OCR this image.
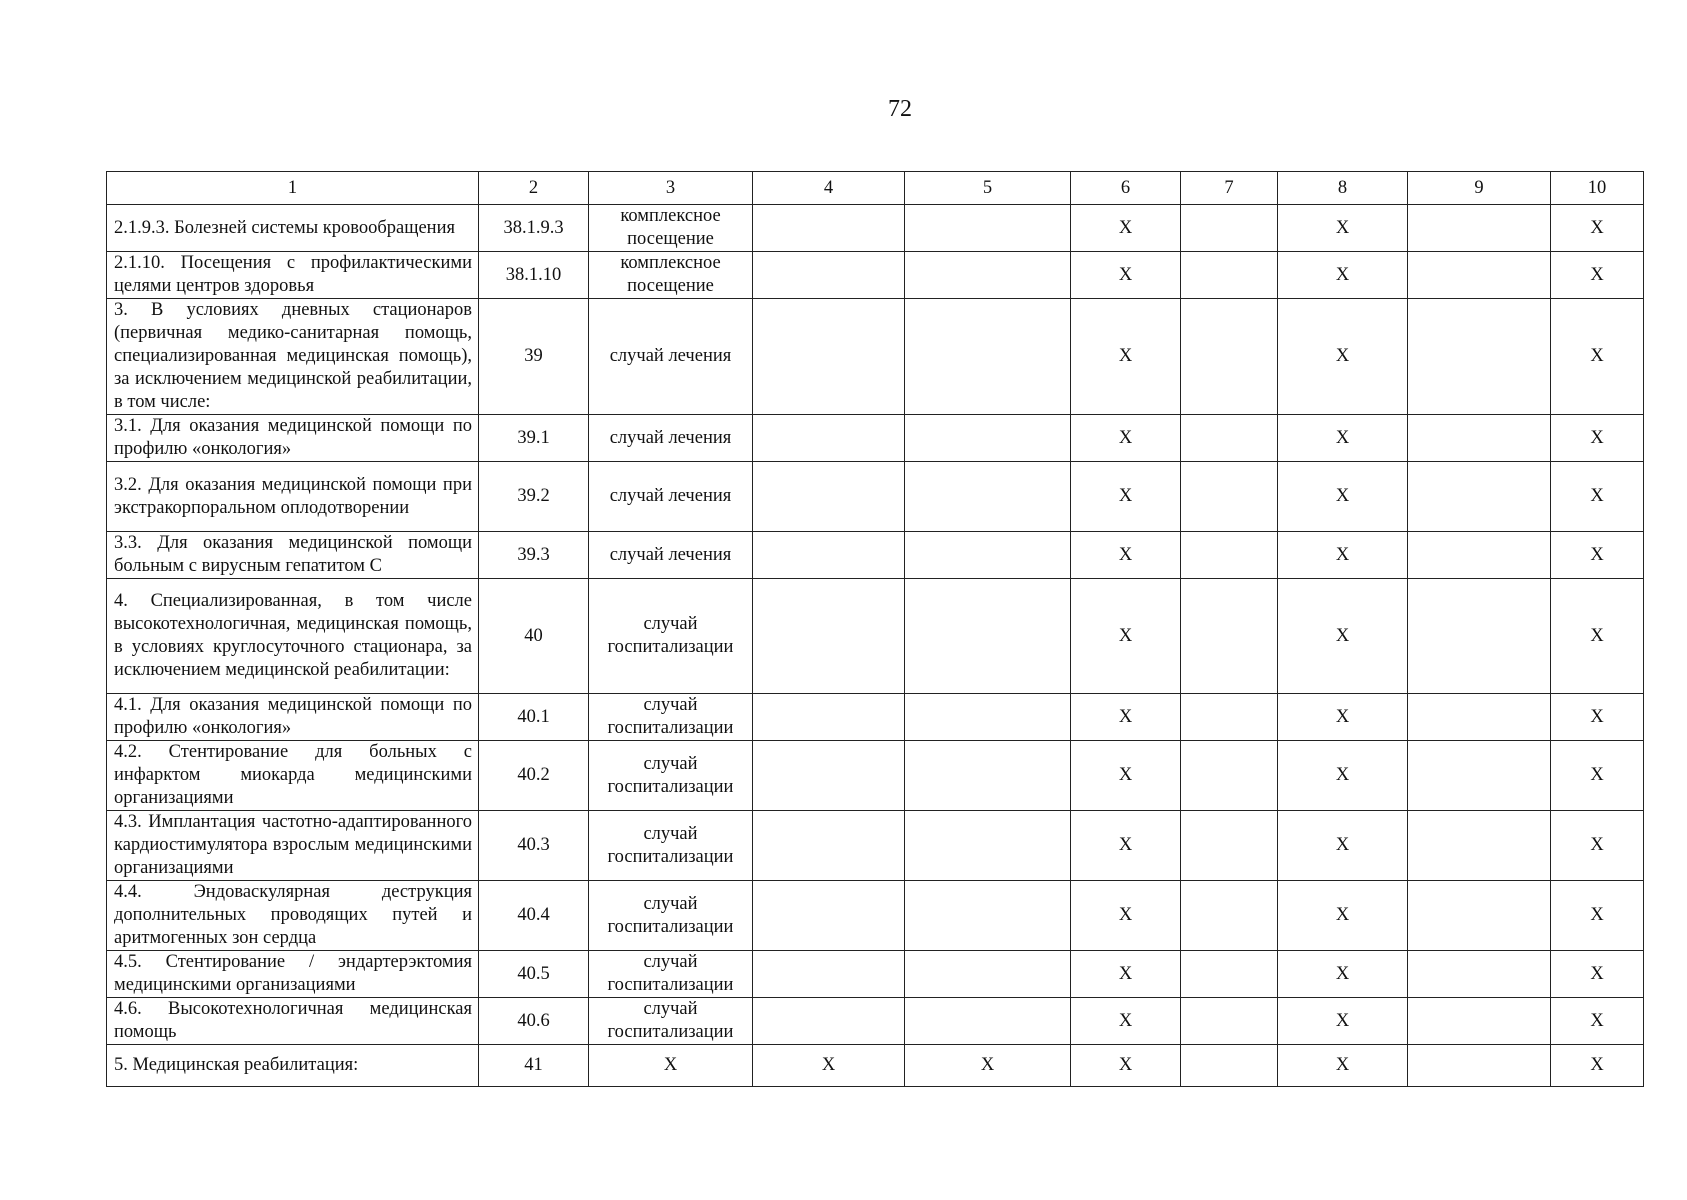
72
1	2	3	4	5	6	7	8	9	10
2.1.9.3. Болезней системы кровообращения	38.1.9.3	комплексное посещение			X		X		X
2.1.10. Посещения с профилактическими целями центров здоровья	38.1.10	комплексное посещение			X		X		X
3. В условиях дневных стационаров (первичная медико-санитарная помощь, специализированная медицинская помощь), за исключением медицинской реабилитации, в том числе:	39	случай лечения			X		X		X
3.1. Для оказания медицинской помощи по профилю «онкология»	39.1	случай лечения			X		X		X
3.2. Для оказания медицинской помощи при экстракорпоральном оплодотворении	39.2	случай лечения			X		X		X
3.3. Для оказания медицинской помощи больным с вирусным гепатитом С	39.3	случай лечения			X		X		X
4. Специализированная, в том числе высокотехнологичная, медицинская помощь, в условиях круглосуточного стационара, за исключением медицинской реабилитации:	40	случай госпитализации			X		X		X
4.1. Для оказания медицинской помощи по профилю «онкология»	40.1	случай госпитализации			X		X		X
4.2. Стентирование для больных с инфарктом миокарда медицинскими организациями	40.2	случай госпитализации			X		X		X
4.3. Имплантация частотно-адаптированного кардиостимулятора взрослым медицинскими организациями	40.3	случай госпитализации			X		X		X
4.4. Эндоваскулярная деструкция дополнительных проводящих путей и аритмогенных зон сердца	40.4	случай госпитализации			X		X		X
4.5. Стентирование / эндартерэктомия медицинскими организациями	40.5	случай госпитализации			X		X		X
4.6. Высокотехнологичная медицинская помощь	40.6	случай госпитализации			X		X		X
5. Медицинская реабилитация:	41	X	X	X	X		X		X
